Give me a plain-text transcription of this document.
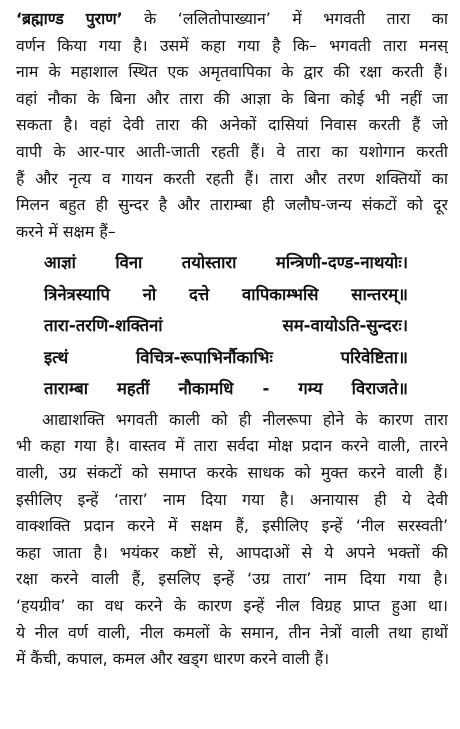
‘ब्रह्माण्ड पुराण’ के ‘ललितोपाख्यान’ में भगवती तारा का
वर्णन किया गया है। उसमें कहा गया है कि– भगवती तारा मनस्
नाम के महाशाल स्थित एक अमृतवापिका के द्वार की रक्षा करती हैं।
वहां नौका के बिना और तारा की आज्ञा के बिना कोई भी नहीं जा
सकता है। वहां देवी तारा की अनेकों दासियां निवास करती हैं जो
वापी के आर-पार आती-जाती रहती हैं। वे तारा का यशोगान करती
हैं और नृत्य व गायन करती रहती हैं। तारा और तरण शक्तियों का
मिलन बहुत ही सुन्दर है और ताराम्बा ही जलौघ-जन्य संकटों को दूर
करने में सक्षम हैं–
आज्ञां विना तयोस्तारा मन्त्रिणी-दण्ड-नाथयोः।
त्रिनेत्रस्यापि नो दत्ते वापिकाम्भसि सान्तरम्॥
तारा-तरणि-शक्तिनां सम-वायोऽति-सुन्दरः।
इत्थं विचित्र-रूपाभिर्नौकाभिः परिवेष्टिता॥
ताराम्बा महतीं नौकामधि - गम्य विराजते॥
आद्याशक्ति भगवती काली को ही नीलरूपा होने के कारण तारा
भी कहा गया है। वास्तव में तारा सर्वदा मोक्ष प्रदान करने वाली, तारने
वाली, उग्र संकटों को समाप्त करके साधक को मुक्त करने वाली हैं।
इसीलिए इन्हें ‘तारा’ नाम दिया गया है। अनायास ही ये देवी
वाक्शक्ति प्रदान करने में सक्षम हैं, इसीलिए इन्हें ‘नील सरस्वती’
कहा जाता है। भयंकर कष्टों से, आपदाओं से ये अपने भक्तों की
रक्षा करने वाली हैं, इसलिए इन्हें ‘उग्र तारा’ नाम दिया गया है।
‘हयग्रीव’ का वध करने के कारण इन्हें नील विग्रह प्राप्त हुआ था।
ये नील वर्ण वाली, नील कमलों के समान, तीन नेत्रों वाली तथा हाथों
में कैंची, कपाल, कमल और खड्ग धारण करने वाली हैं।
